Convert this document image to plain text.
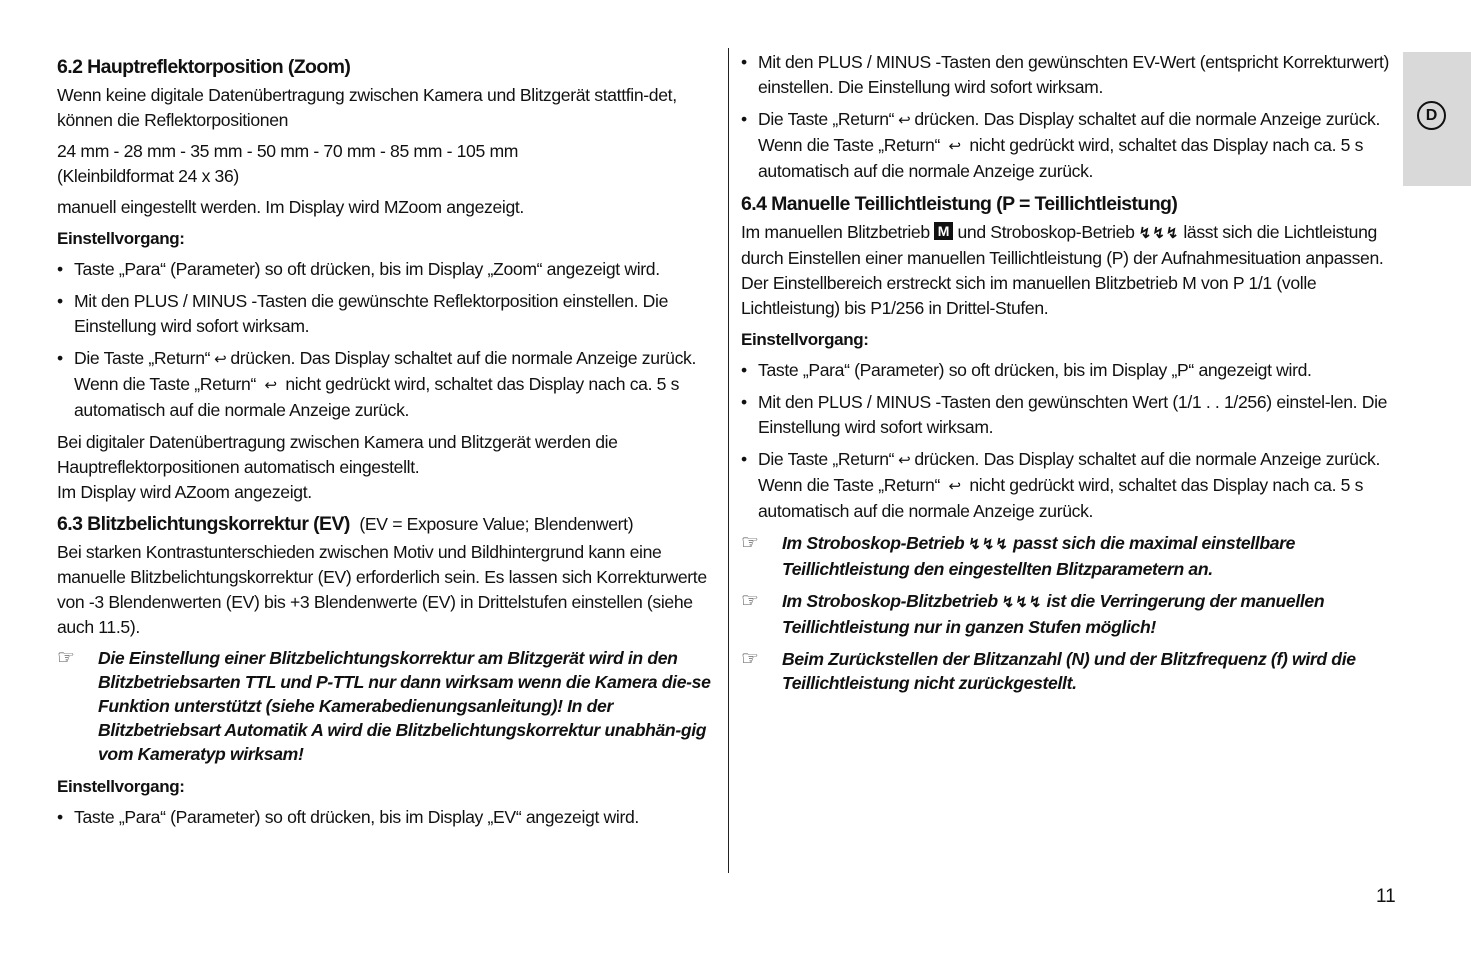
D
6.2 Hauptreflektorposition (Zoom)

Wenn keine digitale Datenübertragung zwischen Kamera und Blitzgerät stattfin-det, können die Reflektorpositionen

24 mm - 28 mm - 35 mm - 50 mm - 70 mm - 85 mm - 105 mm
(Kleinbildformat 24 x 36)

manuell eingestellt werden. Im Display wird MZoom angezeigt.

Einstellvorgang:
• Taste „Para“ (Parameter) so oft drücken, bis im Display „Zoom“ angezeigt wird.
• Mit den PLUS / MINUS -Tasten die gewünschte Reflektorposition einstellen. Die Einstellung wird sofort wirksam.
• Die Taste „Return“ ↩ drücken. Das Display schaltet auf die normale Anzeige zurück. Wenn die Taste „Return“ ↩ nicht gedrückt wird, schaltet das Display nach ca. 5 s automatisch auf die normale Anzeige zurück.

Bei digitaler Datenübertragung zwischen Kamera und Blitzgerät werden die Hauptreflektorpositionen automatisch eingestellt.
Im Display wird AZoom angezeigt.

6.3 Blitzbelichtungskorrektur (EV) (EV = Exposure Value; Blendenwert)

Bei starken Kontrastunterschieden zwischen Motiv und Bildhintergrund kann eine manuelle Blitzbelichtungskorrektur (EV) erforderlich sein. Es lassen sich Korrekturwerte von -3 Blendenwerten (EV) bis +3 Blendenwerte (EV) in Drittelstufen einstellen (siehe auch 11.5).

☞ Die Einstellung einer Blitzbelichtungskorrektur am Blitzgerät wird in den Blitzbetriebsarten TTL und P-TTL nur dann wirksam wenn die Kamera die-se Funktion unterstützt (siehe Kamerabedienungsanleitung)! In der Blitzbetriebsart Automatik A wird die Blitzbelichtungskorrektur unabhän-gig vom Kameratyp wirksam!
Einstellvorgang:
• Taste „Para“ (Parameter) so oft drücken, bis im Display „EV“ angezeigt wird.
• Mit den PLUS / MINUS -Tasten den gewünschten EV-Wert (entspricht Korrekturwert) einstellen. Die Einstellung wird sofort wirksam.
• Die Taste „Return“ ↩ drücken. Das Display schaltet auf die normale Anzeige zurück. Wenn die Taste „Return“ ↩ nicht gedrückt wird, schaltet das Display nach ca. 5 s automatisch auf die normale Anzeige zurück.
6.4 Manuelle Teillichtleistung (P = Teillichtleistung)

Im manuellen Blitzbetrieb M und Stroboskop-Betrieb ↯↯↯ lässt sich die Lichtleistung durch Einstellen einer manuellen Teillichtleistung (P) der Aufnahmesituation anpassen. Der Einstellbereich erstreckt sich im manuellen Blitzbetrieb M von P 1/1 (volle Lichtleistung) bis P1/256 in Drittel-Stufen.

Einstellvorgang:
• Taste „Para“ (Parameter) so oft drücken, bis im Display „P“ angezeigt wird.
• Mit den PLUS / MINUS -Tasten den gewünschten Wert (1/1 . . 1/256) einstel-len. Die Einstellung wird sofort wirksam.
• Die Taste „Return“ ↩ drücken. Das Display schaltet auf die normale Anzeige zurück. Wenn die Taste „Return“ ↩ nicht gedrückt wird, schaltet das Display nach ca. 5 s automatisch auf die normale Anzeige zurück.
☞ Im Stroboskop-Betrieb ↯↯↯ passt sich die maximal einstellbare Teillichtleistung den eingestellten Blitzparametern an.
☞ Im Stroboskop-Blitzbetrieb ↯↯↯ ist die Verringerung der manuellen Teillichtleistung nur in ganzen Stufen möglich!
☞ Beim Zurückstellen der Blitzanzahl (N) und der Blitzfrequenz (f) wird die Teillichtleistung nicht zurückgestellt.
11
